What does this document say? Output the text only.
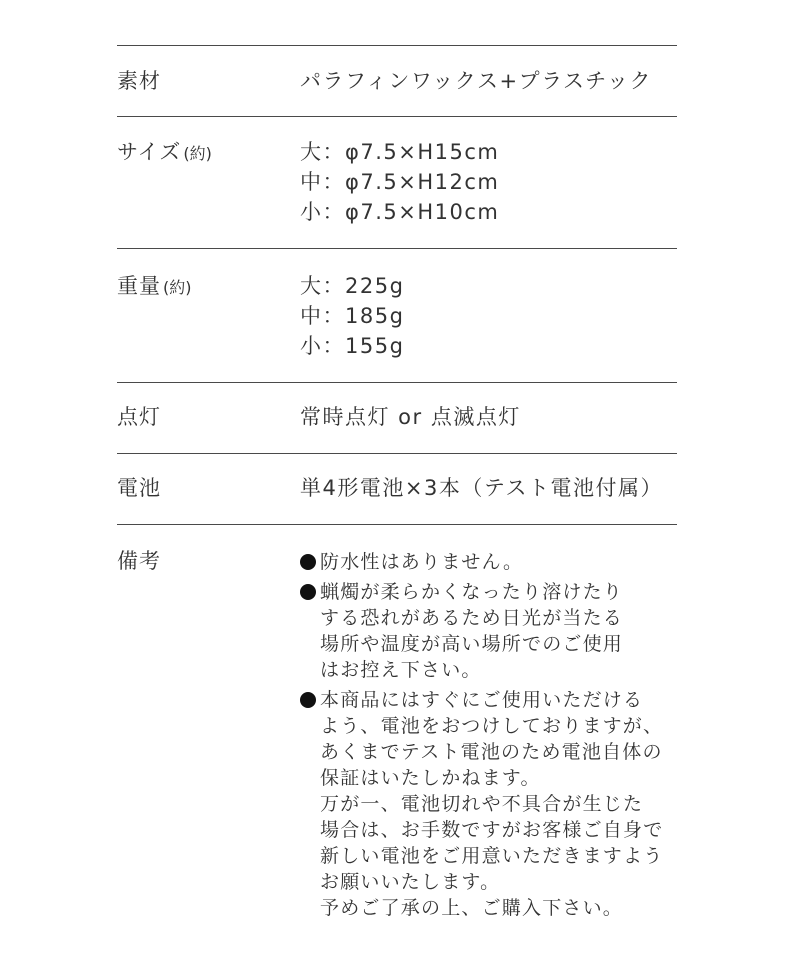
素材	パラフィンワックス+プラスチック
サイズ (約)	大：φ7.5×H15cm
中：φ7.5×H12cm
小：φ7.5×H10cm
重量 (約)	大：225g
中：185g
小：155g
点灯	常時点灯 or 点滅点灯
電池	単4形電池×3本（テスト電池付属）
備考	防水性はありません。
蝋燭が柔らかくなったり溶けたり
する恐れがあるため日光が当たる
場所や温度が高い場所でのご使用
はお控え下さい。
本商品にはすぐにご使用いただける
よう、電池をおつけしておりますが、
あくまでテスト電池のため電池自体の
保証はいたしかねます。
万が一、電池切れや不具合が生じた
場合は、お手数ですがお客様ご自身で
新しい電池をご用意いただきますよう
お願いいたします。
予めご了承の上、ご購入下さい。
